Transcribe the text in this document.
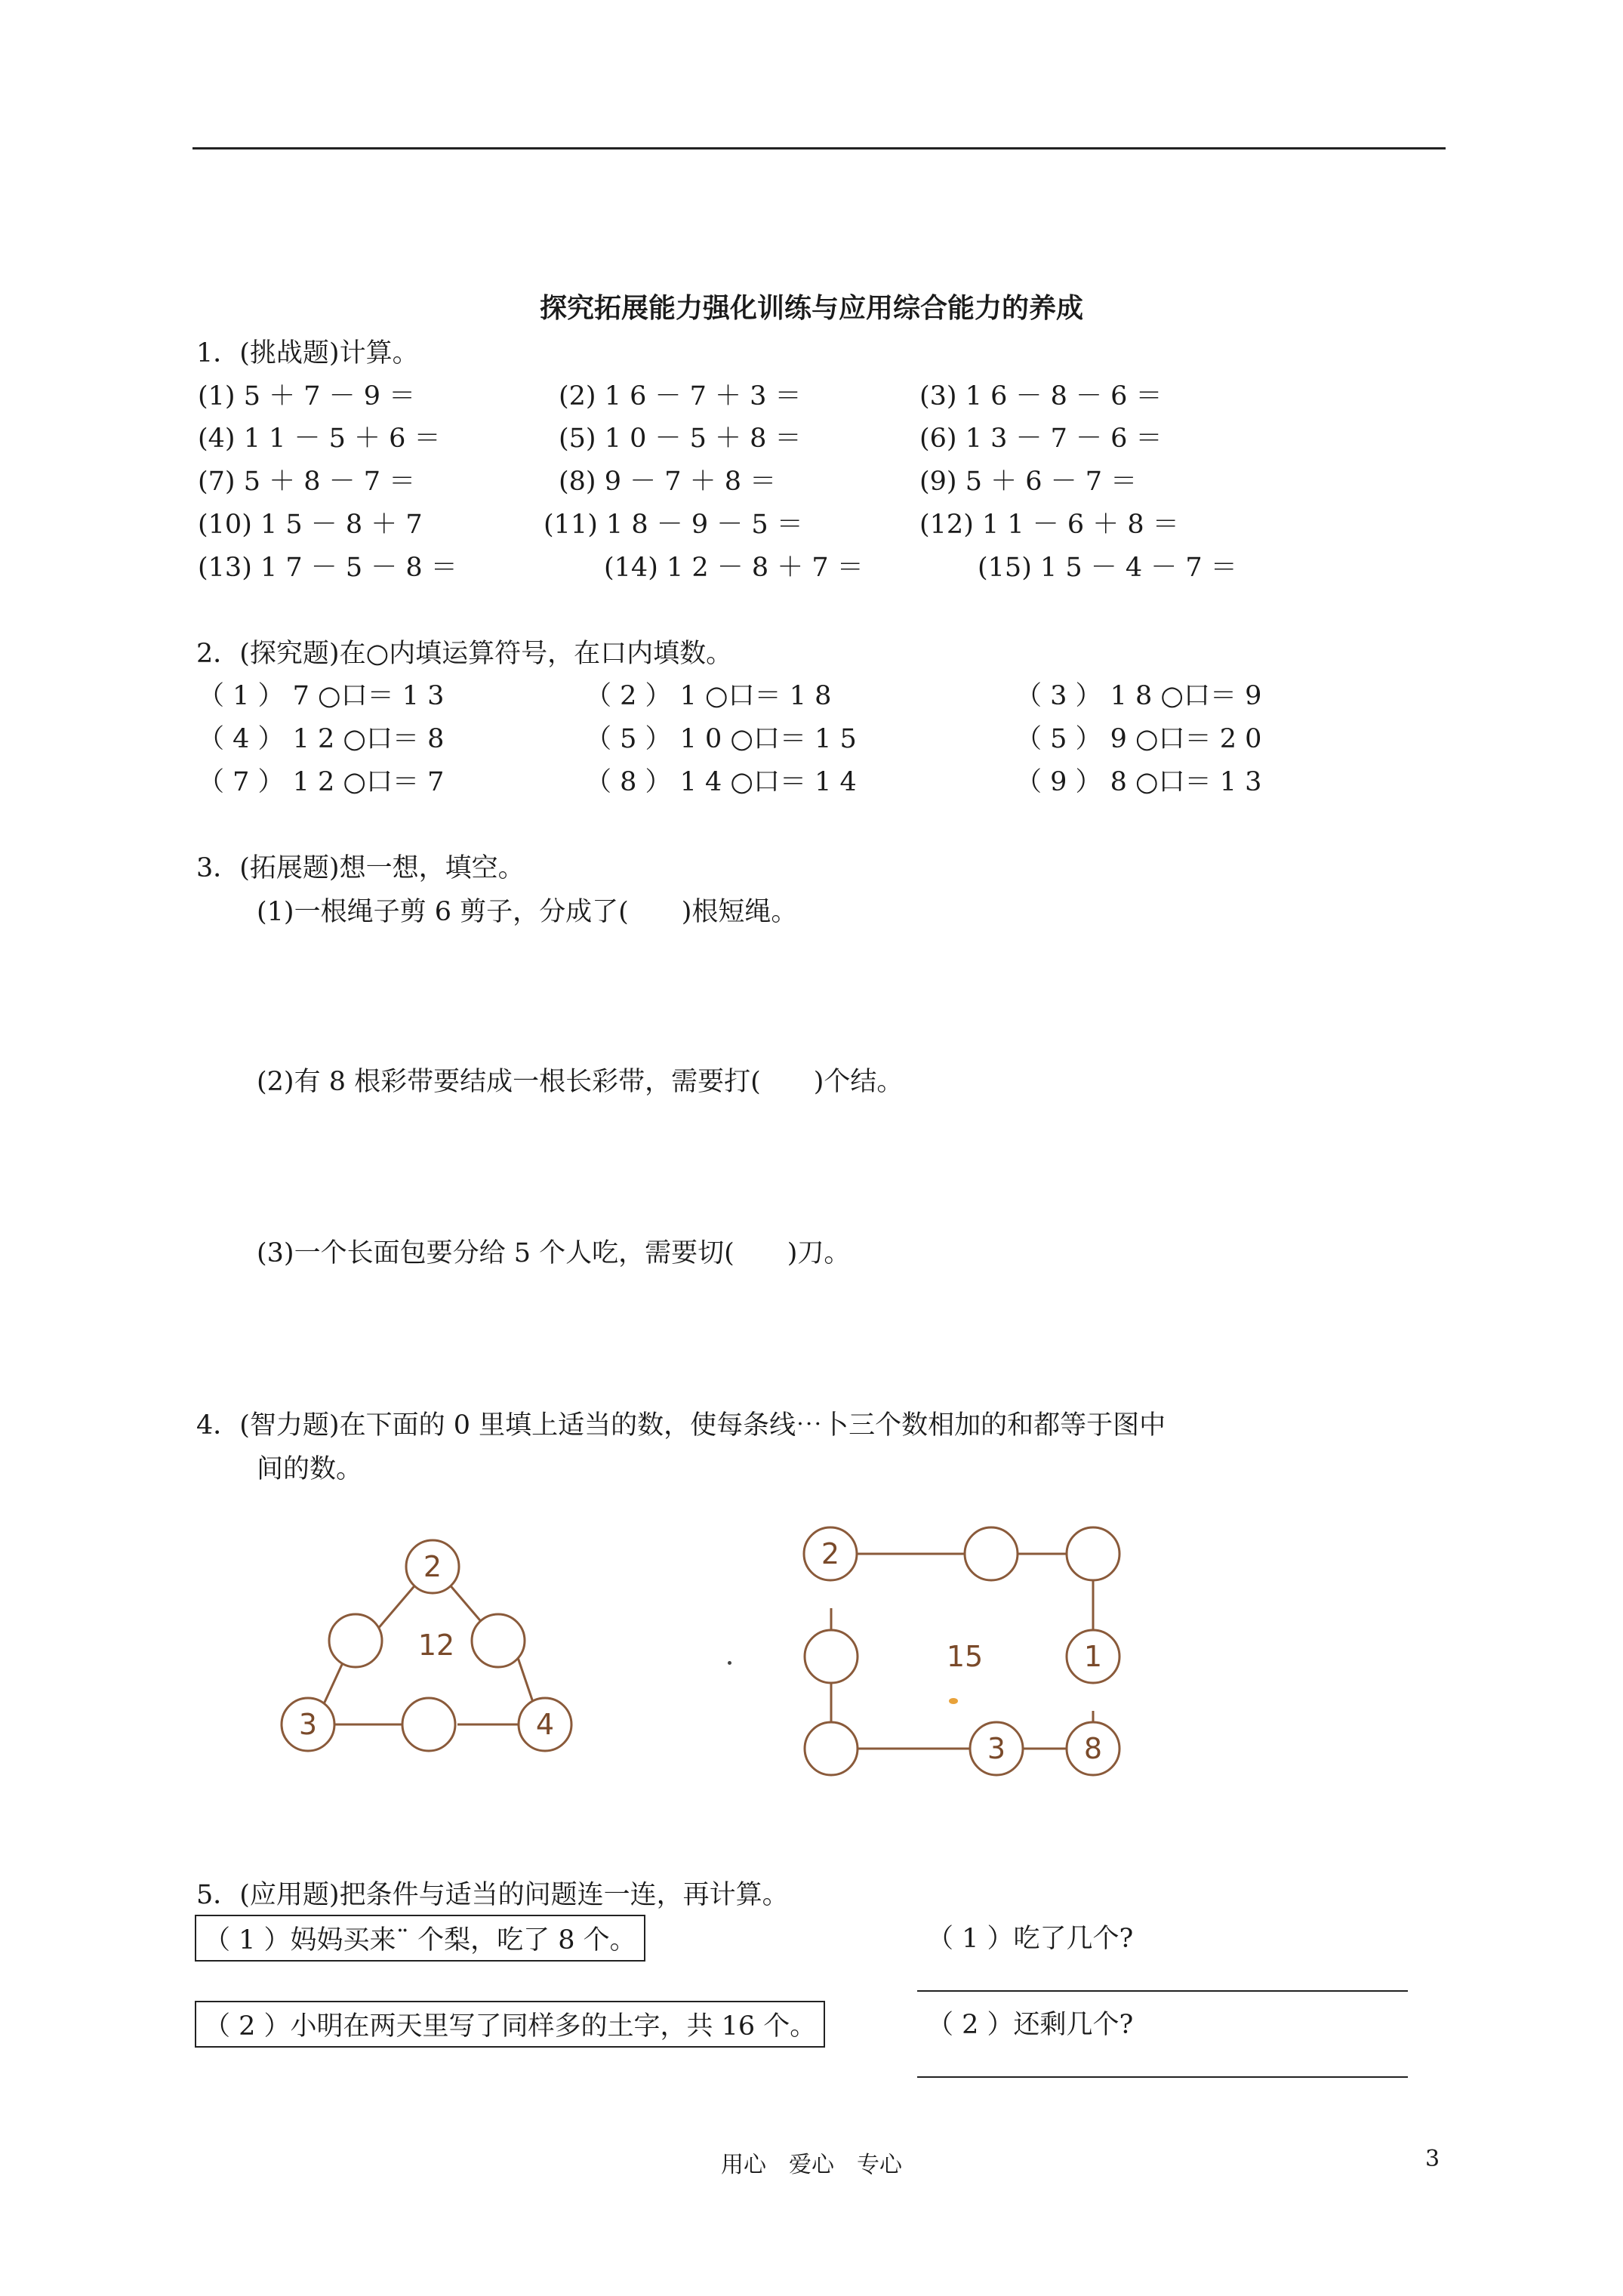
探究拓展能力强化训练与应用综合能力的养成
1．(挑战题)计算。
(1) 5 ＋ 7 － 9 ＝	(2) 1 6 － 7 ＋ 3 ＝	(3) 1 6 － 8 － 6 ＝
(4) 1 1 － 5 ＋ 6 ＝	(5) 1 0 － 5 ＋ 8 ＝	(6) 1 3 － 7 － 6 ＝
(7) 5 ＋ 8 － 7 ＝	(8) 9 － 7 ＋ 8 ＝	(9) 5 ＋ 6 － 7 ＝
(10) 1 5 － 8 ＋ 7	(11) 1 8 － 9 － 5 ＝	(12) 1 1 － 6 ＋ 8 ＝
(13) 1 7 － 5 － 8 ＝	(14) 1 2 － 8 ＋ 7 ＝	(15) 1 5 － 4 － 7 ＝
2．(探究题)在○内填运算符号，在口内填数。
（ 1 ） 7 ○口＝ 1 3	（ 2 ） 1 ○口＝ 1 8	（ 3 ） 1 8 ○口＝ 9
（ 4 ） 1 2 ○口＝ 8	（ 5 ） 1 0 ○口＝ 1 5	（ 5 ） 9 ○口＝ 2 0
（ 7 ） 1 2 ○口＝ 7	（ 8 ） 1 4 ○口＝ 1 4	（ 9 ） 8 ○口＝ 1 3
3．(拓展题)想一想，填空。
(1)一根绳子剪 6 剪子，分成了(　　)根短绳。
(2)有 8 根彩带要结成一根长彩带，需要打(　　)个结。
(3)一个长面包要分给 5 个人吃，需要切(　　)刀。
4．(智力题)在下面的 0 里填上适当的数，使每条线⋯卜三个数相加的和都等于图中
间的数。
2
12
3	4
2
15	1
3	8
5．(应用题)把条件与适当的问题连一连，再计算。
（ 1 ）妈妈买来¨ 个梨，吃了 8 个。
（ 2 ）小明在两天里写了同样多的土字，共 16 个。
（ 1 ）吃了几个?
（ 2 ）还剩几个?
用心　爱心　专心	3
